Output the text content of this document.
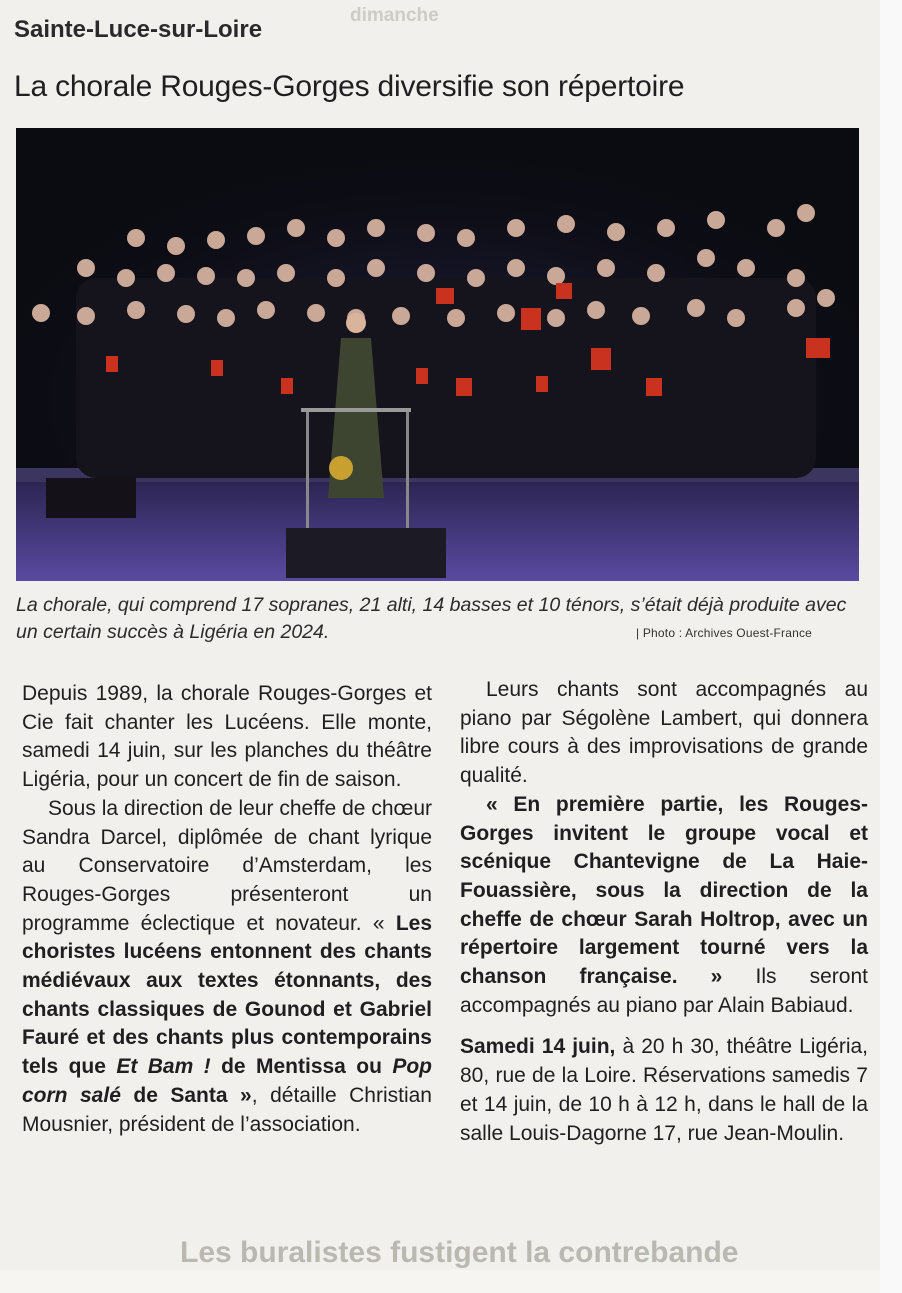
dimanche
Sainte-Luce-sur-Loire
La chorale Rouges-Gorges diversifie son répertoire
La chorale, qui comprend 17 sopranes, 21 alti, 14 basses et 10 ténors, s’était déjà produite avec un certain succès à Ligéria en 2024.	| Photo : Archives Ouest-France

Depuis 1989, la chorale Rouges-Gorges et Cie fait chanter les Lucéens. Elle monte, samedi 14 juin, sur les planches du théâtre Ligéria, pour un concert de fin de saison.

Sous la direction de leur cheffe de chœur Sandra Darcel, diplômée de chant lyrique au Conservatoire d’Amsterdam, les Rouges-Gorges présenteront un programme éclectique et novateur. « Les choristes lucéens entonnent des chants médiévaux aux textes étonnants, des chants classiques de Gounod et Gabriel Fauré et des chants plus contemporains tels que Et Bam ! de Mentissa ou Pop corn salé de Santa », détaille Christian Mousnier, président de l’association.

Leurs chants sont accompagnés au piano par Ségolène Lambert, qui donnera libre cours à des improvisations de grande qualité.

« En première partie, les Rouges-Gorges invitent le groupe vocal et scénique Chantevigne de La Haie-Fouassière, sous la direction de la cheffe de chœur Sarah Holtrop, avec un répertoire largement tourné vers la chanson française. » Ils seront accompagnés au piano par Alain Babiaud.

Samedi 14 juin, à 20 h 30, théâtre Ligéria, 80, rue de la Loire. Réservations samedis 7 et 14 juin, de 10 h à 12 h, dans le hall de la salle Louis-Dagorne 17, rue Jean-Moulin.

Les buralistes fustigent la contrebande
